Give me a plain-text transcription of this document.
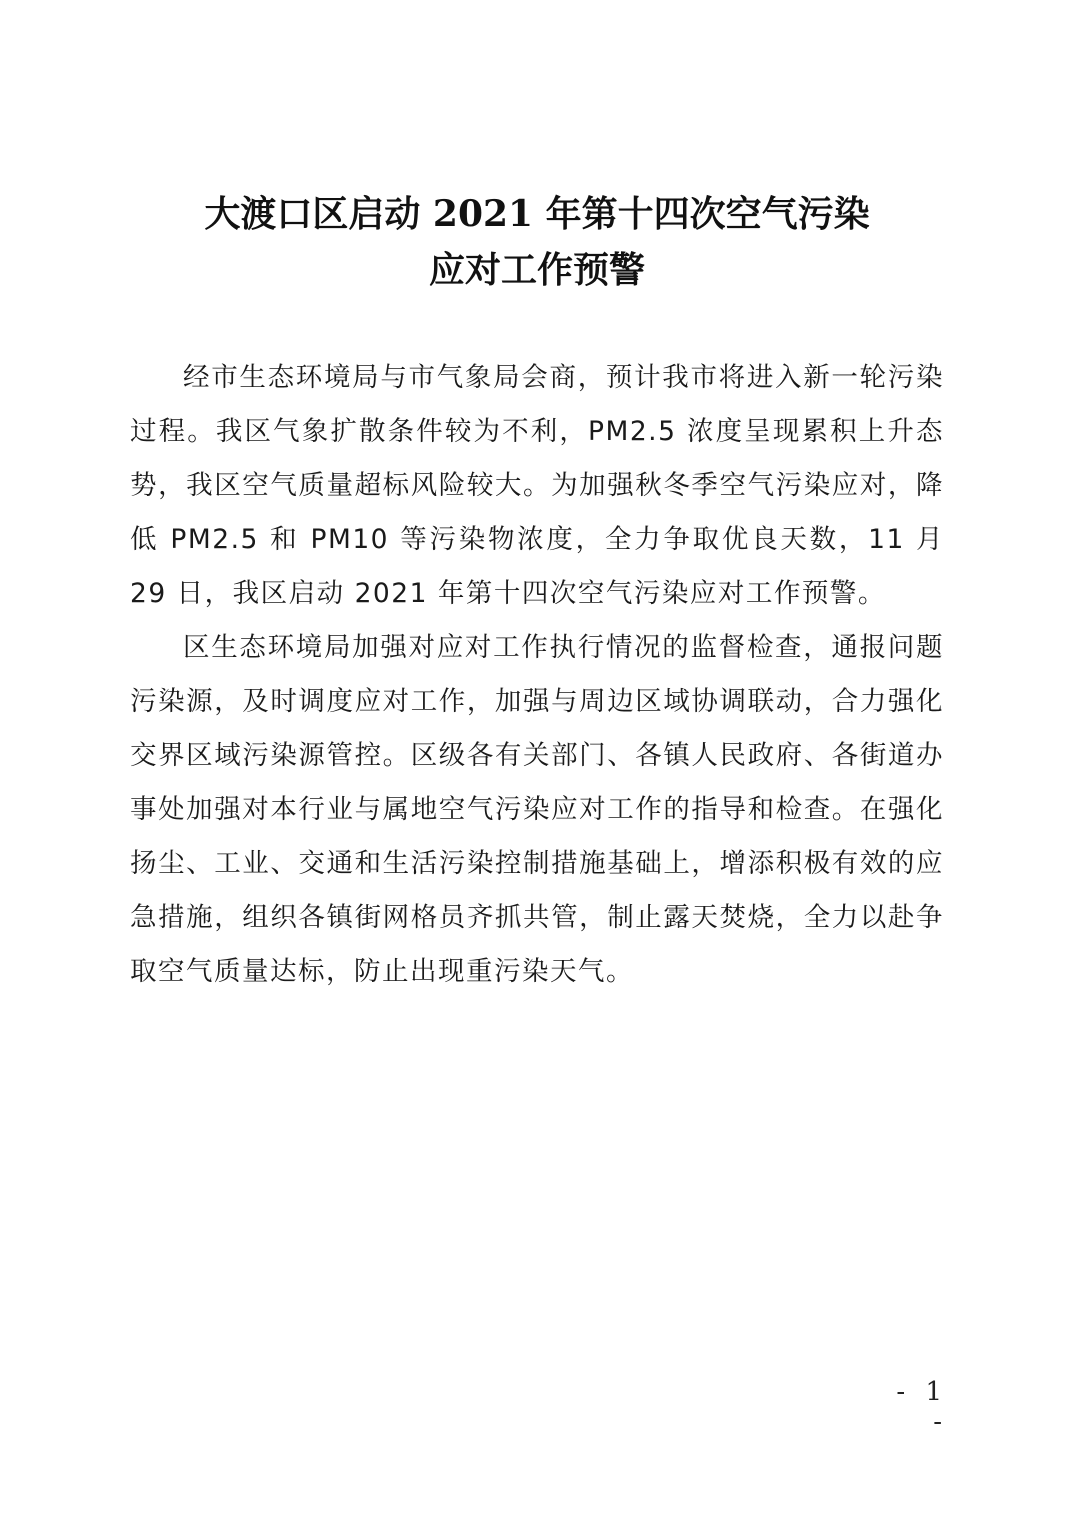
大渡口区启动 2021 年第十四次空气污染
应对工作预警

经市生态环境局与市气象局会商，预计我市将进入新一轮污染过程。我区气象扩散条件较为不利，PM2.5 浓度呈现累积上升态势，我区空气质量超标风险较大。为加强秋冬季空气污染应对，降低 PM2.5 和 PM10 等污染物浓度，全力争取优良天数，11 月 29 日，我区启动 2021 年第十四次空气污染应对工作预警。

区生态环境局加强对应对工作执行情况的监督检查，通报问题污染源，及时调度应对工作，加强与周边区域协调联动，合力强化交界区域污染源管控。区级各有关部门、各镇人民政府、各街道办事处加强对本行业与属地空气污染应对工作的指导和检查。在强化扬尘、工业、交通和生活污染控制措施基础上，增添积极有效的应急措施，组织各镇街网格员齐抓共管，制止露天焚烧，全力以赴争取空气质量达标，防止出现重污染天气。

- 1 -
